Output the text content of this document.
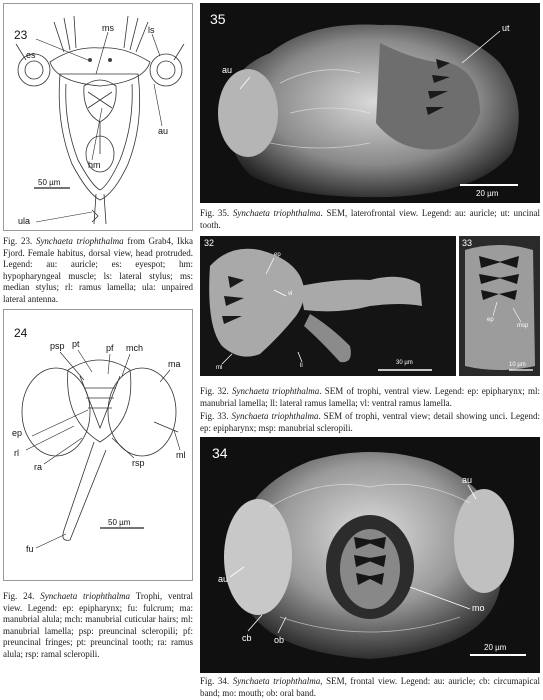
23
es
ms	ls
au
hm
ula
50 µm

Fig. 23. Synchaeta triophthalma from Grab4, Ikka Fjord. Female habitus, dorsal view, head protruded. Legend: au: auricle; es: eyespot; hm: hypopharyngeal muscle; ls: lateral stylus; ms: median stylus; rl: ramus lamella; ula: unpaired lateral antenna.

24
psp pt	pf mch
ma
ml
ep
rl
ra	rsp
fu
50 µm

Fig. 24. Synchaeta triophthalma Trophi, ventral view. Legend: ep: epipharynx; fu: fulcrum; ma: manubrial alula; mch: manubrial cuticular hairs; ml: manubrial lamella; psp: preuncinal scleropili; pf: preuncinal fringes; pt: preuncinal tooth; ra: ramus alula; rsp: ramal scleropili.

35
au
ut
20 µm

Fig. 35. Synchaeta triophthalma. SEM, laterofrontal view. Legend: au: auricle; ut: uncinal tooth.

32
ep
ml	ll
vl
30 µm
33
ep
msp
10 µm

Fig. 32. Synchaeta triophthalma. SEM of trophi, ventral view. Legend: ep: epipharynx; ml: manubrial lamella; ll: lateral ramus lamella; vl: ventral ramus lamella.

Fig. 33. Synchaeta triophthalma. SEM of trophi, ventral view; detail showing unci. Legend: ep: epipharynx; msp: manubrial scleropili.

34
au
au
cb ob
mo
20 µm

Fig. 34. Synchaeta triophthalma, SEM, frontal view. Legend: au: auricle; cb: circumapical band; mo: mouth; ob: oral band.
